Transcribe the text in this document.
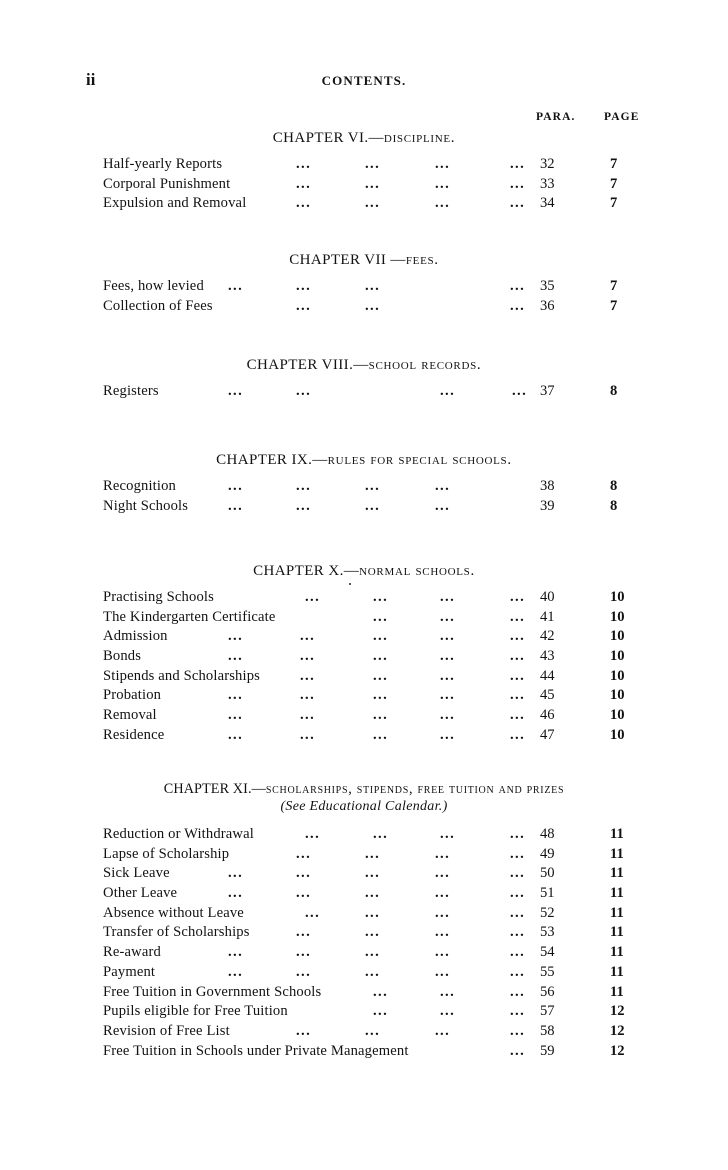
ii	CONTENTS.
PARA. PAGE
CHAPTER VI.—discipline.
Half-yearly Reports	...	...	...	... 32	7
Corporal Punishment	...	...	...	... 33	7
Expulsion and Removal	...	...	...	... 34	7
CHAPTER VII —fees.
Fees, how levied ...	...	...	... 35	7
Collection of Fees	...	...	... 36	7
CHAPTER VIII.—school records.
Registers	...	...	...	... 37	8
CHAPTER IX.—rules for special schools.
Recognition	...	...	...	...	38	8
Night Schools	...	...	...	...	39	8
CHAPTER X.—normal schools.
Practising Schools	...	...	...	... 40	10
The Kindergarten Certificate	...	...	... 41	10
Admission	...	...	...	...	... 42	10
Bonds	...	...	...	...	... 43	10
Stipends and Scholarships	...	...	...	... 44	10
Probation	...	...	...	...	... 45	10
Removal	...	...	...	...	... 46	10
Residence	...	...	...	...	... 47	10
CHAPTER XI.—scholarships, stipends, free tuition and prizes
(See Educational Calendar.)
Reduction or Withdrawal	...	...	...	... 48	11
Lapse of Scholarship	...	...	...	... 49	11
Sick Leave	...	...	...	...	... 50	11
Other Leave	...	...	...	...	... 51	11
Absence without Leave	...	...	...	... 52	11
Transfer of Scholarships	...	...	...	... 53	11
Re-award	...	...	...	...	... 54	11
Payment	...	...	...	...	... 55	11
Free Tuition in Government Schools	...	...	... 56	11
Pupils eligible for Free Tuition	...	...	... 57	12
Revision of Free List	...	...	...	... 58	12
Free Tuition in Schools under Private Management	... 59	12
